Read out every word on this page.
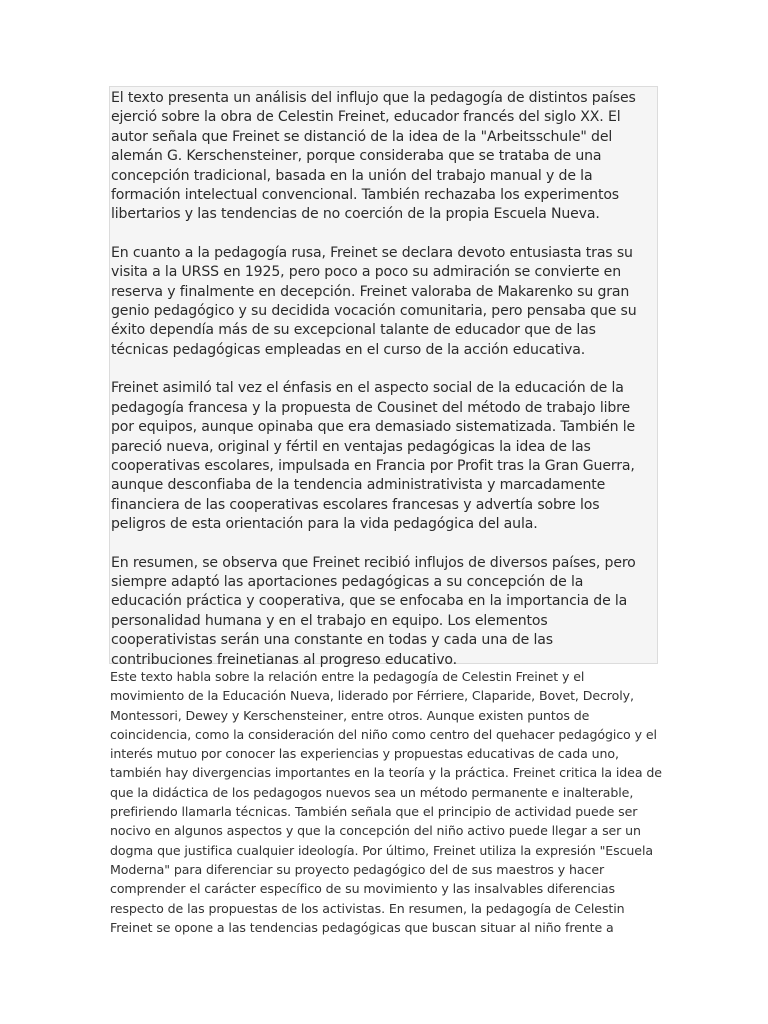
El texto presenta un análisis del influjo que la pedagogía de distintos países ejerció sobre la obra de Celestin Freinet, educador francés del siglo XX. El autor señala que Freinet se distanció de la idea de la "Arbeitsschule" del alemán G. Kerschensteiner, porque consideraba que se trataba de una concepción tradicional, basada en la unión del trabajo manual y de la formación intelectual convencional. También rechazaba los experimentos libertarios y las tendencias de no coerción de la propia Escuela Nueva.

En cuanto a la pedagogía rusa, Freinet se declara devoto entusiasta tras su visita a la URSS en 1925, pero poco a poco su admiración se convierte en reserva y finalmente en decepción. Freinet valoraba de Makarenko su gran genio pedagógico y su decidida vocación comunitaria, pero pensaba que su éxito dependía más de su excepcional talante de educador que de las técnicas pedagógicas empleadas en el curso de la acción educativa.

Freinet asimiló tal vez el énfasis en el aspecto social de la educación de la pedagogía francesa y la propuesta de Cousinet del método de trabajo libre por equipos, aunque opinaba que era demasiado sistematizada. También le pareció nueva, original y fértil en ventajas pedagógicas la idea de las cooperativas escolares, impulsada en Francia por Profit tras la Gran Guerra, aunque desconfiaba de la tendencia administrativista y marcadamente financiera de las cooperativas escolares francesas y advertía sobre los peligros de esta orientación para la vida pedagógica del aula.

En resumen, se observa que Freinet recibió influjos de diversos países, pero siempre adaptó las aportaciones pedagógicas a su concepción de la educación práctica y cooperativa, que se enfocaba en la importancia de la personalidad humana y en el trabajo en equipo. Los elementos cooperativistas serán una constante en todas y cada una de las contribuciones freinetianas al progreso educativo.

Este texto habla sobre la relación entre la pedagogía de Celestin Freinet y el movimiento de la Educación Nueva, liderado por Férriere, Claparide, Bovet, Decroly, Montessori, Dewey y Kerschensteiner, entre otros. Aunque existen puntos de coincidencia, como la consideración del niño como centro del quehacer pedagógico y el interés mutuo por conocer las experiencias y propuestas educativas de cada uno, también hay divergencias importantes en la teoría y la práctica. Freinet critica la idea de que la didáctica de los pedagogos nuevos sea un método permanente e inalterable, prefiriendo llamarla técnicas. También señala que el principio de actividad puede ser nocivo en algunos aspectos y que la concepción del niño activo puede llegar a ser un dogma que justifica cualquier ideología. Por último, Freinet utiliza la expresión "Escuela Moderna" para diferenciar su proyecto pedagógico del de sus maestros y hacer comprender el carácter específico de su movimiento y las insalvables diferencias respecto de las propuestas de los activistas. En resumen, la pedagogía de Celestin Freinet se opone a las tendencias pedagógicas que buscan situar al niño frente a
